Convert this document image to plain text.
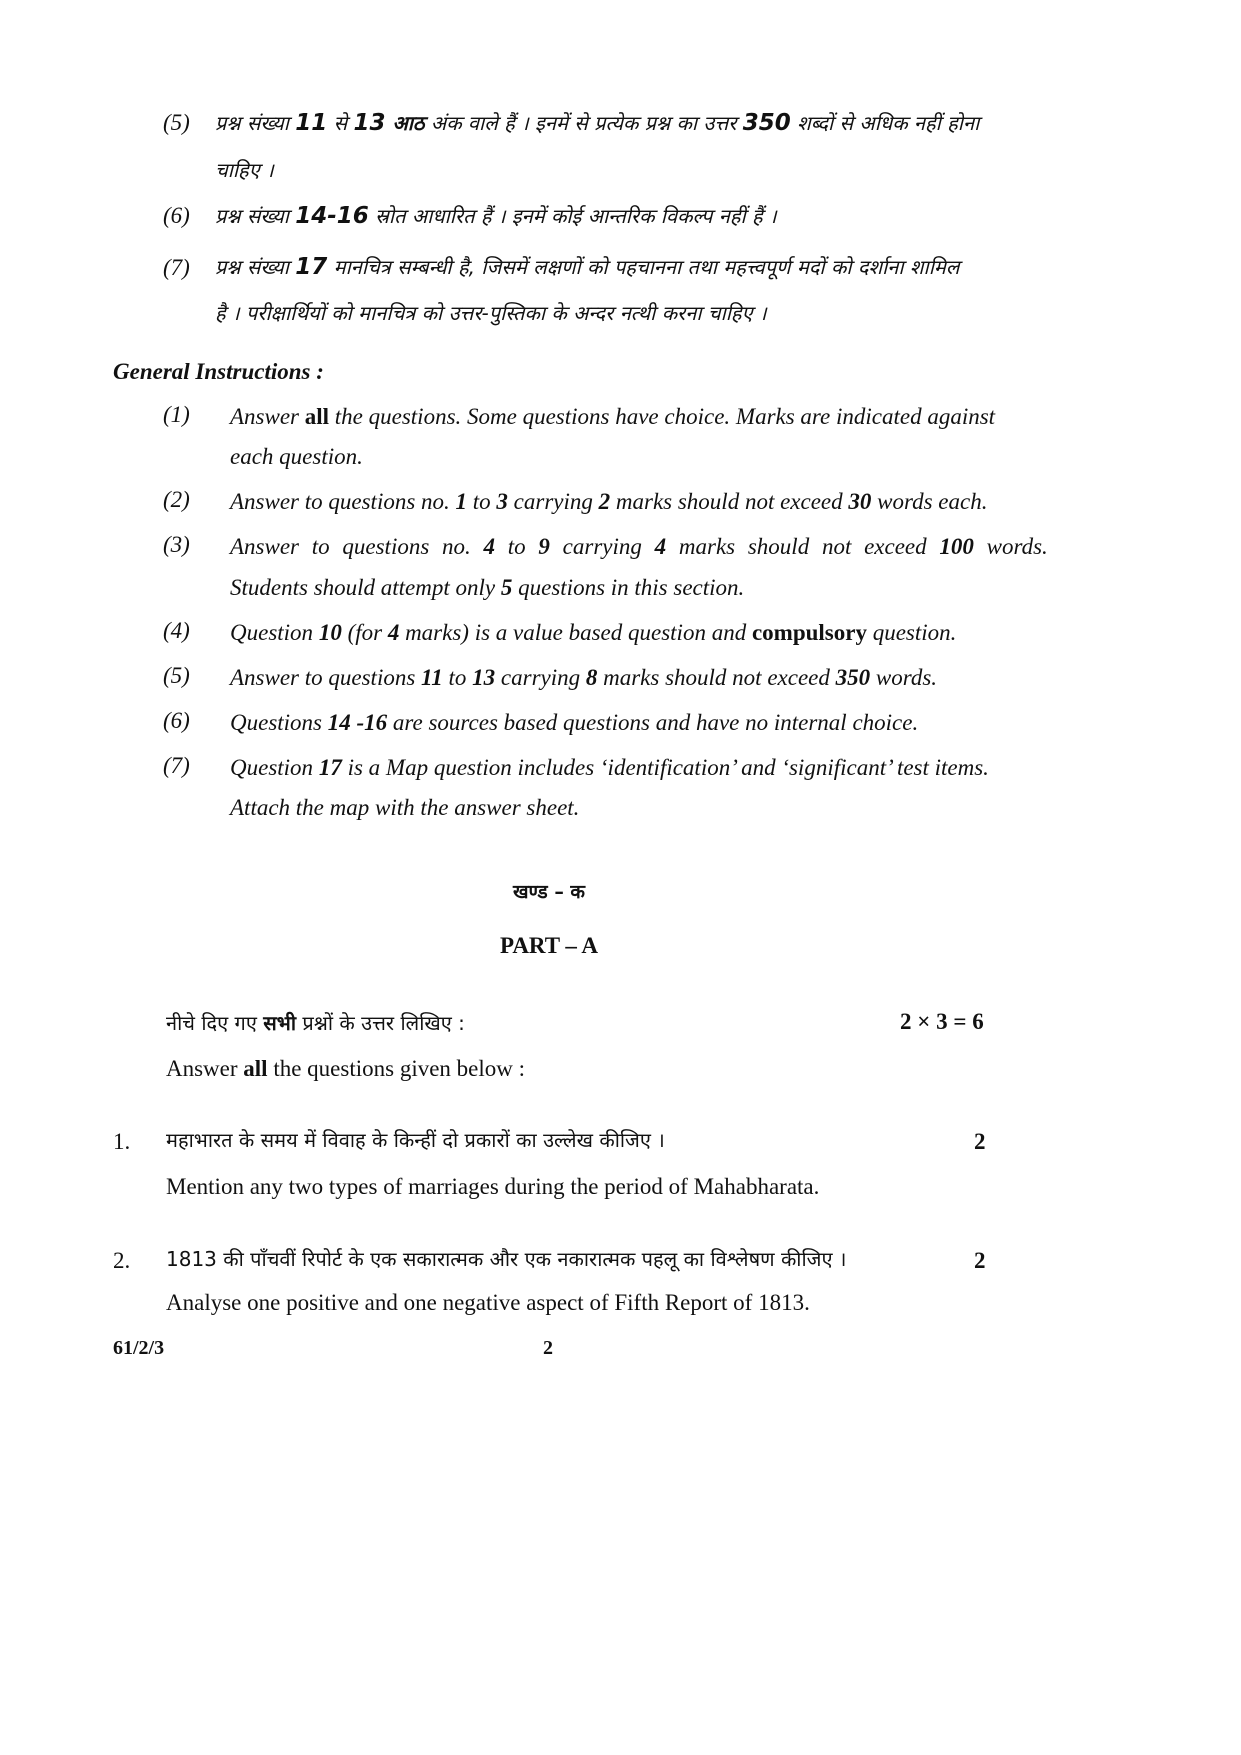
(5) प्रश्न संख्या 11 से 13 आठ अंक वाले हैं । इनमें से प्रत्येक प्रश्न का उत्तर 350 शब्दों से अधिक नहीं होना
चाहिए ।
(6) प्रश्न संख्या 14-16 स्रोत आधारित हैं । इनमें कोई आन्तरिक विकल्प नहीं हैं ।
(7) प्रश्न संख्या 17 मानचित्र सम्बन्धी है, जिसमें लक्षणों को पहचानना तथा महत्त्वपूर्ण मदों को दर्शाना शामिल
है । परीक्षार्थियों को मानचित्र को उत्तर-पुस्तिका के अन्दर नत्थी करना चाहिए ।
General Instructions :
(1) Answer all the questions. Some questions have choice. Marks are indicated against
each question.
(2) Answer to questions no. 1 to 3 carrying 2 marks should not exceed 30 words each.
(3) Answer to questions no. 4 to 9 carrying 4 marks should not exceed 100 words.
Students should attempt only 5 questions in this section.
(4) Question 10 (for 4 marks) is a value based question and compulsory question.
(5) Answer to questions 11 to 13 carrying 8 marks should not exceed 350 words.
(6) Questions 14 -16 are sources based questions and have no internal choice.
(7) Question 17 is a Map question includes ‘identification’ and ‘significant’ test items.
Attach the map with the answer sheet.
खण्ड – क
PART – A
नीचे दिए गए सभी प्रश्नों के उत्तर लिखिए :	2 × 3 = 6
Answer all the questions given below :
1. महाभारत के समय में विवाह के किन्हीं दो प्रकारों का उल्लेख कीजिए ।	2
Mention any two types of marriages during the period of Mahabharata.
2. 1813 की पाँचवीं रिपोर्ट के एक सकारात्मक और एक नकारात्मक पहलू का विश्लेषण कीजिए ।	2
Analyse one positive and one negative aspect of Fifth Report of 1813.
61/2/3	2
